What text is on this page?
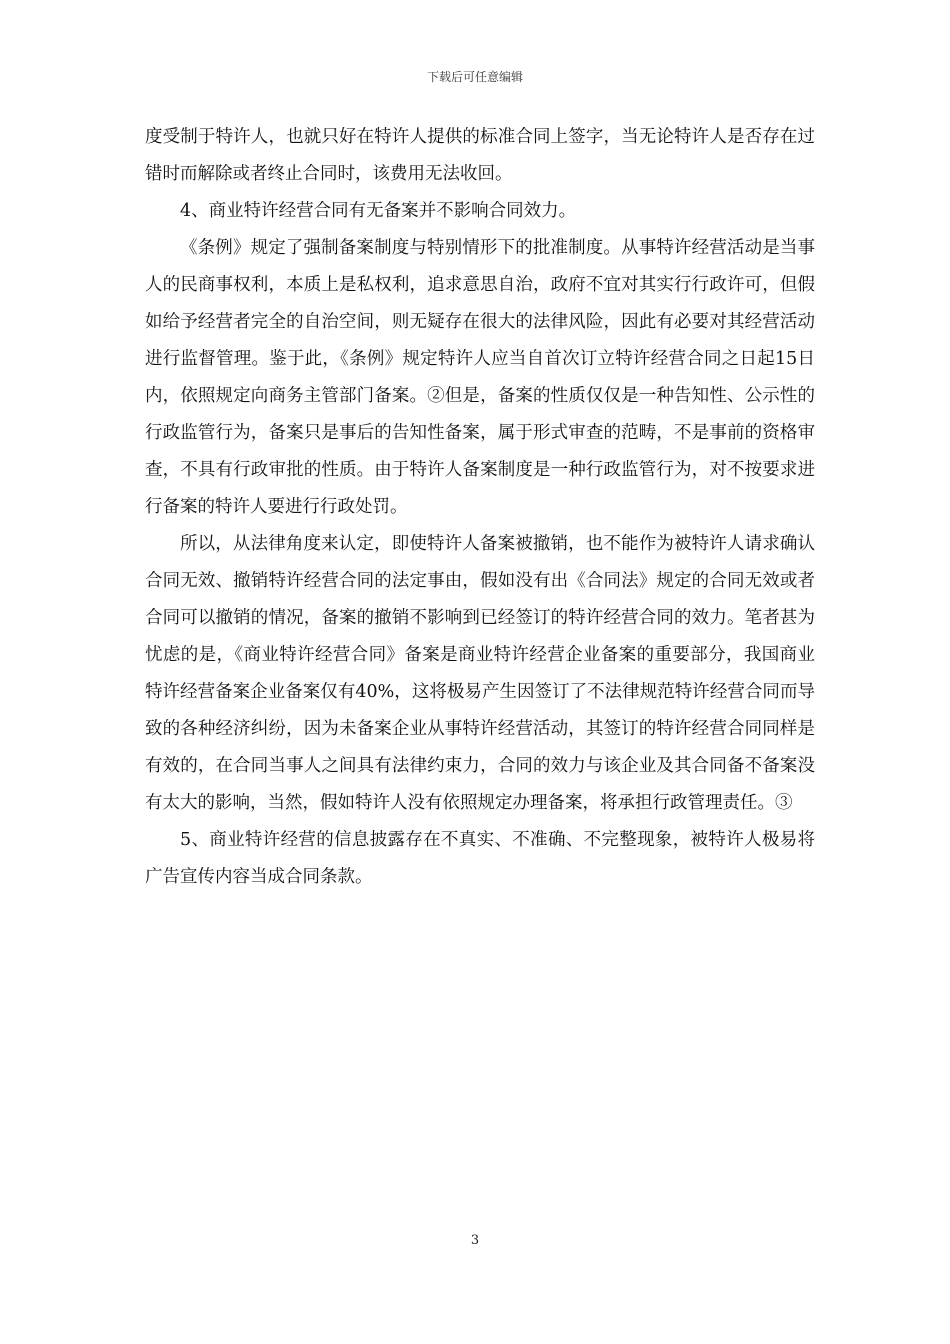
下载后可任意编辑

度受制于特许人，也就只好在特许人提供的标准合同上签字，当无论特许人是否存在过错时而解除或者终止合同时，该费用无法收回。

4、商业特许经营合同有无备案并不影响合同效力。

《条例》规定了强制备案制度与特别情形下的批准制度。从事特许经营活动是当事人的民商事权利，本质上是私权利，追求意思自治，政府不宜对其实行行政许可，但假如给予经营者完全的自治空间，则无疑存在很大的法律风险，因此有必要对其经营活动进行监督管理。鉴于此，《条例》规定特许人应当自首次订立特许经营合同之日起15日内，依照规定向商务主管部门备案。②但是，备案的性质仅仅是一种告知性、公示性的行政监管行为，备案只是事后的告知性备案，属于形式审查的范畴，不是事前的资格审查，不具有行政审批的性质。由于特许人备案制度是一种行政监管行为，对不按要求进行备案的特许人要进行行政处罚。

所以，从法律角度来认定，即使特许人备案被撤销，也不能作为被特许人请求确认合同无效、撤销特许经营合同的法定事由，假如没有出《合同法》规定的合同无效或者合同可以撤销的情况，备案的撤销不影响到已经签订的特许经营合同的效力。笔者甚为忧虑的是，《商业特许经营合同》备案是商业特许经营企业备案的重要部分，我国商业特许经营备案企业备案仅有40%，这将极易产生因签订了不法律规范特许经营合同而导致的各种经济纠纷，因为未备案企业从事特许经营活动，其签订的特许经营合同同样是有效的，在合同当事人之间具有法律约束力，合同的效力与该企业及其合同备不备案没有太大的影响，当然，假如特许人没有依照规定办理备案，将承担行政管理责任。③

5、商业特许经营的信息披露存在不真实、不准确、不完整现象，被特许人极易将广告宣传内容当成合同条款。

3
